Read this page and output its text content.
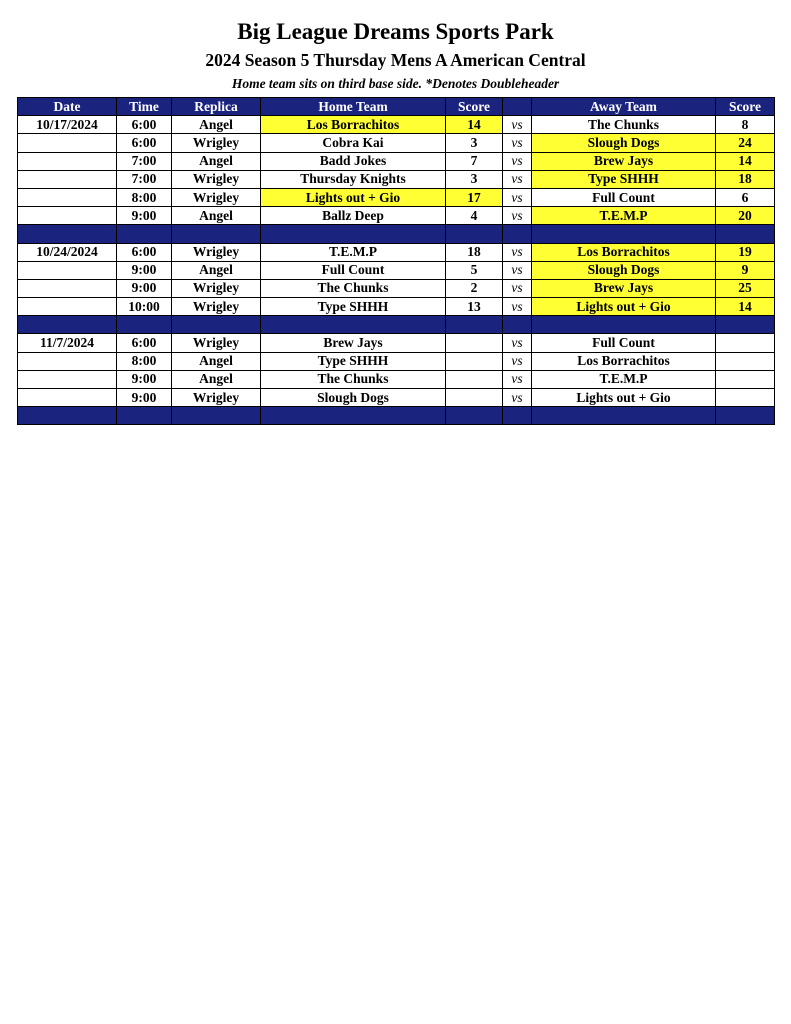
Big League Dreams Sports Park
2024 Season 5 Thursday Mens A American Central
Home team sits on third base side. *Denotes Doubleheader
Date	Time	Replica	Home Team	Score		Away Team	Score
10/17/2024	6:00	Angel	Los Borrachitos	14	vs	The Chunks	8
	6:00	Wrigley	Cobra Kai	3	vs	Slough Dogs	24
	7:00	Angel	Badd Jokes	7	vs	Brew Jays	14
	7:00	Wrigley	Thursday Knights	3	vs	Type SHHH	18
	8:00	Wrigley	Lights out + Gio	17	vs	Full Count	6
	9:00	Angel	Ballz Deep	4	vs	T.E.M.P	20

10/24/2024	6:00	Wrigley	T.E.M.P	18	vs	Los Borrachitos	19
	9:00	Angel	Full Count	5	vs	Slough Dogs	9
	9:00	Wrigley	The Chunks	2	vs	Brew Jays	25
	10:00	Wrigley	Type SHHH	13	vs	Lights out + Gio	14

11/7/2024	6:00	Wrigley	Brew Jays		vs	Full Count	
	8:00	Angel	Type SHHH		vs	Los Borrachitos	
	9:00	Angel	The Chunks		vs	T.E.M.P	
	9:00	Wrigley	Slough Dogs		vs	Lights out + Gio	
